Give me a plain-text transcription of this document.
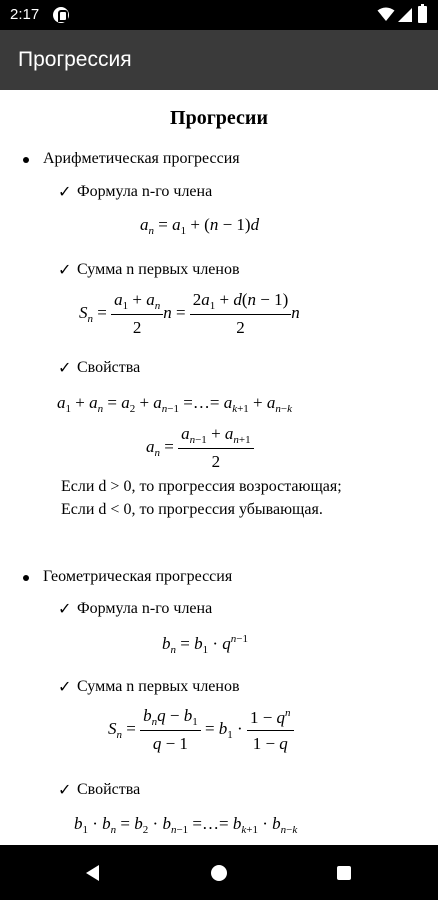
2:17
Прогрессия
Прогресии
Арифметическая прогрессия
✓ Формула n-го члена
$a_n = a_1 + (n - 1)d$
✓ Сумма n первых членов
$S_n = \frac{a_1 + a_n}{2}$ $n = \frac{2a_1 + d(n - 1)}{2}$ n
✓ Свойства
$a_1 + a_n = a_2 + a_{n-1}$ =…= $a_{k+1} + a_{n-k}$
$a_n = \frac{a_{n-1} + a_{n+1}}{2}$
Если d > 0, то прогрессия возростающая;
Если d < 0, то прогрессия убывающая.
Геометрическая прогрессия
✓ Формула n-го члена
$b_n = b_1 \cdot q^{n-1}$
✓ Сумма n первых членов
$S_n = \frac{b_nq - b_1}{q - 1} = b_1 \cdot \frac{1 - q^n}{1 - q}$
✓ Свойства
$b_1 \cdot b_n = b_2 \cdot b_{n-1}$ =…= $b_{k+1} \cdot b_{n-k}$
